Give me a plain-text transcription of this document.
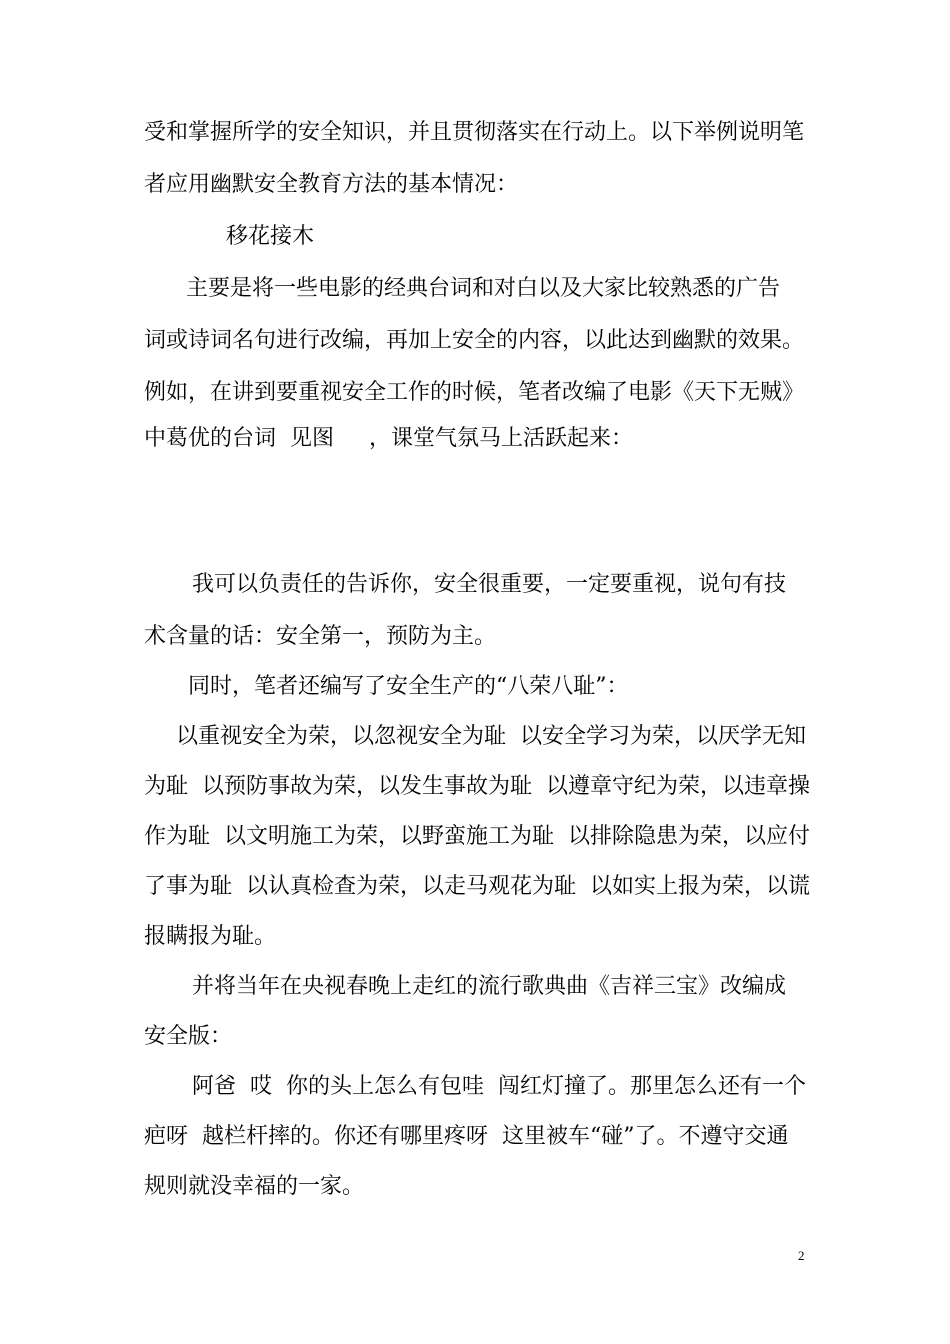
受和掌握所学的安全知识，并且贯彻落实在行动上。以下举例说明笔
者应用幽默安全教育方法的基本情况：
移花接木
主要是将一些电影的经典台词和对白以及大家比较熟悉的广告
词或诗词名句进行改编，再加上安全的内容，以此达到幽默的效果。
例如，在讲到要重视安全工作的时候，笔者改编了电影《天下无贼》
中葛优的台词  见图     ，课堂气氛马上活跃起来：
我可以负责任的告诉你，安全很重要，一定要重视，说句有技
术含量的话：安全第一，预防为主。
同时，笔者还编写了安全生产的“八荣八耻”：
以重视安全为荣，以忽视安全为耻  以安全学习为荣，以厌学无知
为耻  以预防事故为荣，以发生事故为耻  以遵章守纪为荣，以违章操
作为耻  以文明施工为荣，以野蛮施工为耻  以排除隐患为荣，以应付
了事为耻  以认真检查为荣，以走马观花为耻  以如实上报为荣，以谎
报瞒报为耻。
并将当年在央视春晚上走红的流行歌典曲《吉祥三宝》改编成
安全版：
阿爸  哎  你的头上怎么有包哇  闯红灯撞了。那里怎么还有一个
疤呀  越栏杆摔的。你还有哪里疼呀  这里被车“碰”了。不遵守交通
规则就没幸福的一家。
2
